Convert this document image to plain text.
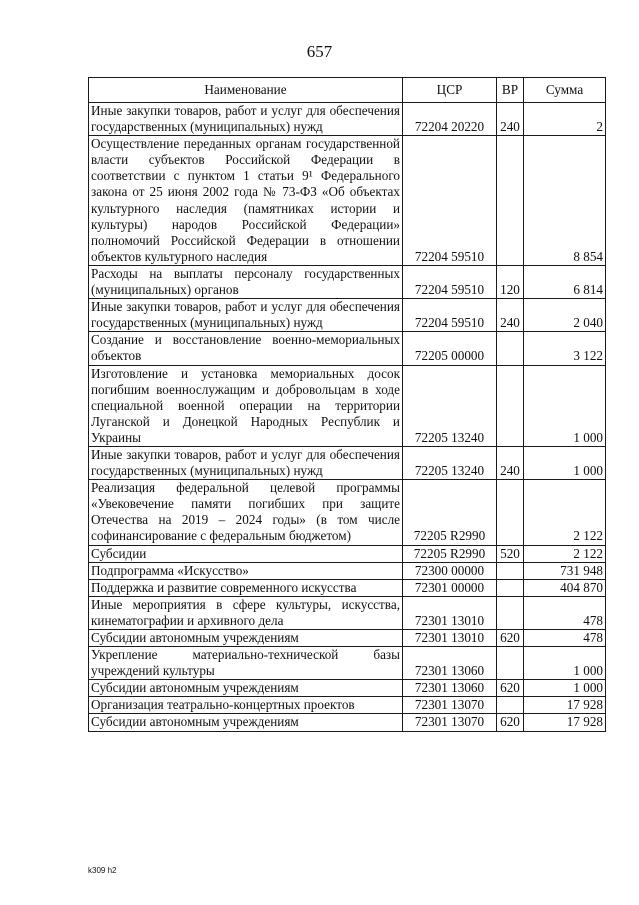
657
Наименование	ЦСР	ВР	Сумма
Иные закупки товаров, работ и услуг для обеспечения государственных (муниципальных) нужд	72204 20220	240	2
Осуществление переданных органам государственной власти субъектов Российской Федерации в соответствии с пунктом 1 статьи 9¹ Федерального закона от 25 июня 2002 года № 73-ФЗ «Об объектах культурного наследия (памятниках истории и культуры) народов Российской Федерации» полномочий Российской Федерации в отношении объектов культурного наследия	72204 59510		8 854
Расходы на выплаты персоналу государственных (муниципальных) органов	72204 59510	120	6 814
Иные закупки товаров, работ и услуг для обеспечения государственных (муниципальных) нужд	72204 59510	240	2 040
Создание и восстановление военно-мемориальных объектов	72205 00000		3 122
Изготовление и установка мемориальных досок погибшим военнослужащим и добровольцам в ходе специальной военной операции на территории Луганской и Донецкой Народных Республик и Украины	72205 13240		1 000
Иные закупки товаров, работ и услуг для обеспечения государственных (муниципальных) нужд	72205 13240	240	1 000
Реализация федеральной целевой программы «Увековечение памяти погибших при защите Отечества на 2019 – 2024 годы» (в том числе софинансирование с федеральным бюджетом)	72205 R2990		2 122
Субсидии	72205 R2990	520	2 122
Подпрограмма «Искусство»	72300 00000		731 948
Поддержка и развитие современного искусства	72301 00000		404 870
Иные мероприятия в сфере культуры, искусства, кинематографии и архивного дела	72301 13010		478
Субсидии автономным учреждениям	72301 13010	620	478
Укрепление материально-технической базы учреждений культуры	72301 13060		1 000
Субсидии автономным учреждениям	72301 13060	620	1 000
Организация театрально-концертных проектов	72301 13070		17 928
Субсидии автономным учреждениям	72301 13070	620	17 928
k309 h2
